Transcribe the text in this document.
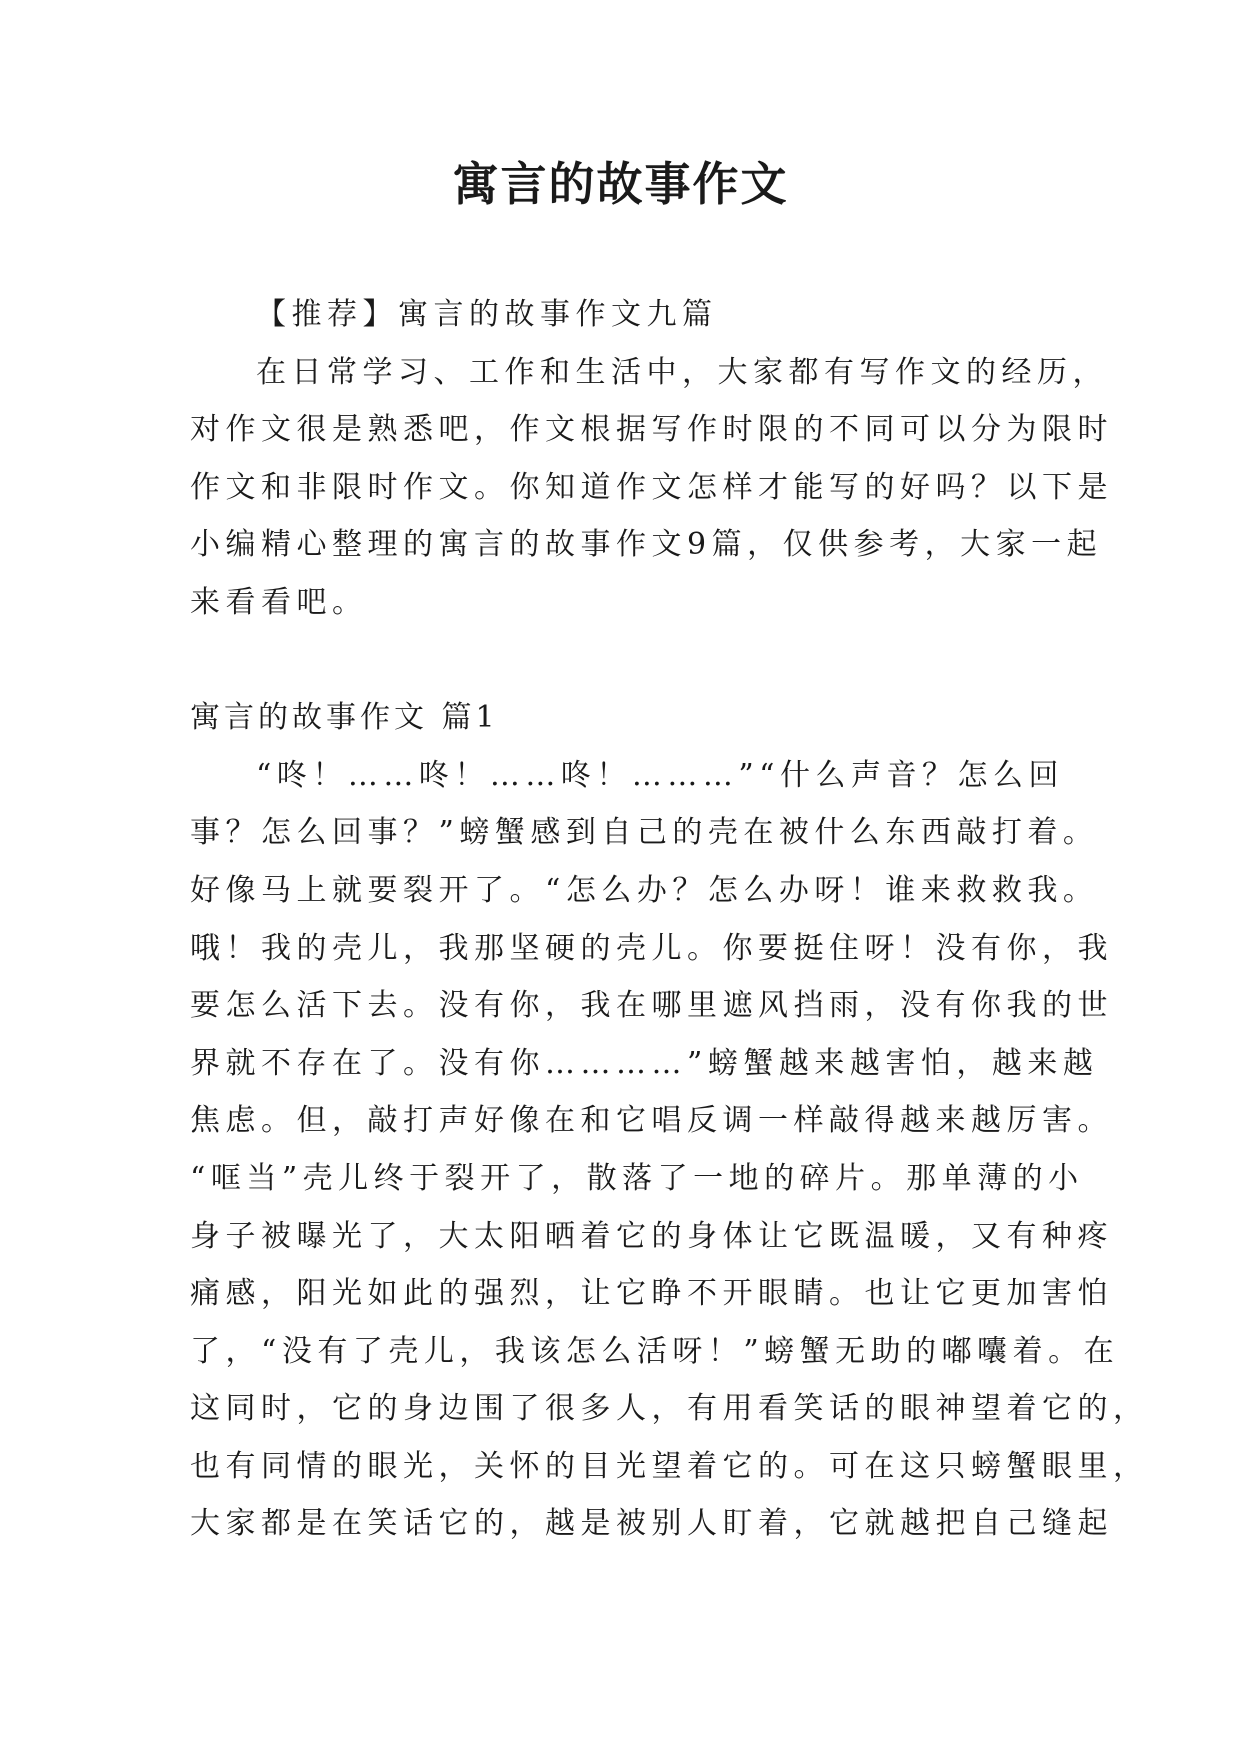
寓言的故事作文
【推荐】寓言的故事作文九篇
在日常学习、工作和生活中，大家都有写作文的经历，
对作文很是熟悉吧，作文根据写作时限的不同可以分为限时
作文和非限时作文。你知道作文怎样才能写的好吗？以下是
小编精心整理的寓言的故事作文9篇，仅供参考，大家一起
来看看吧。
寓言的故事作文 篇1
“咚！……咚！……咚！………”“什么声音？怎么回
事？怎么回事？”螃蟹感到自己的壳在被什么东西敲打着。
好像马上就要裂开了。“怎么办？怎么办呀！谁来救救我。
哦！我的壳儿，我那坚硬的壳儿。你要挺住呀！没有你，我
要怎么活下去。没有你，我在哪里遮风挡雨，没有你我的世
界就不存在了。没有你…………”螃蟹越来越害怕，越来越
焦虑。但，敲打声好像在和它唱反调一样敲得越来越厉害。
“哐当”壳儿终于裂开了，散落了一地的碎片。那单薄的小
身子被曝光了，大太阳晒着它的身体让它既温暖，又有种疼
痛感，阳光如此的强烈，让它睁不开眼睛。也让它更加害怕
了，“没有了壳儿，我该怎么活呀！”螃蟹无助的嘟囔着。在
这同时，它的身边围了很多人，有用看笑话的眼神望着它的，
也有同情的眼光，关怀的目光望着它的。可在这只螃蟹眼里，
大家都是在笑话它的，越是被别人盯着，它就越把自己缝起
